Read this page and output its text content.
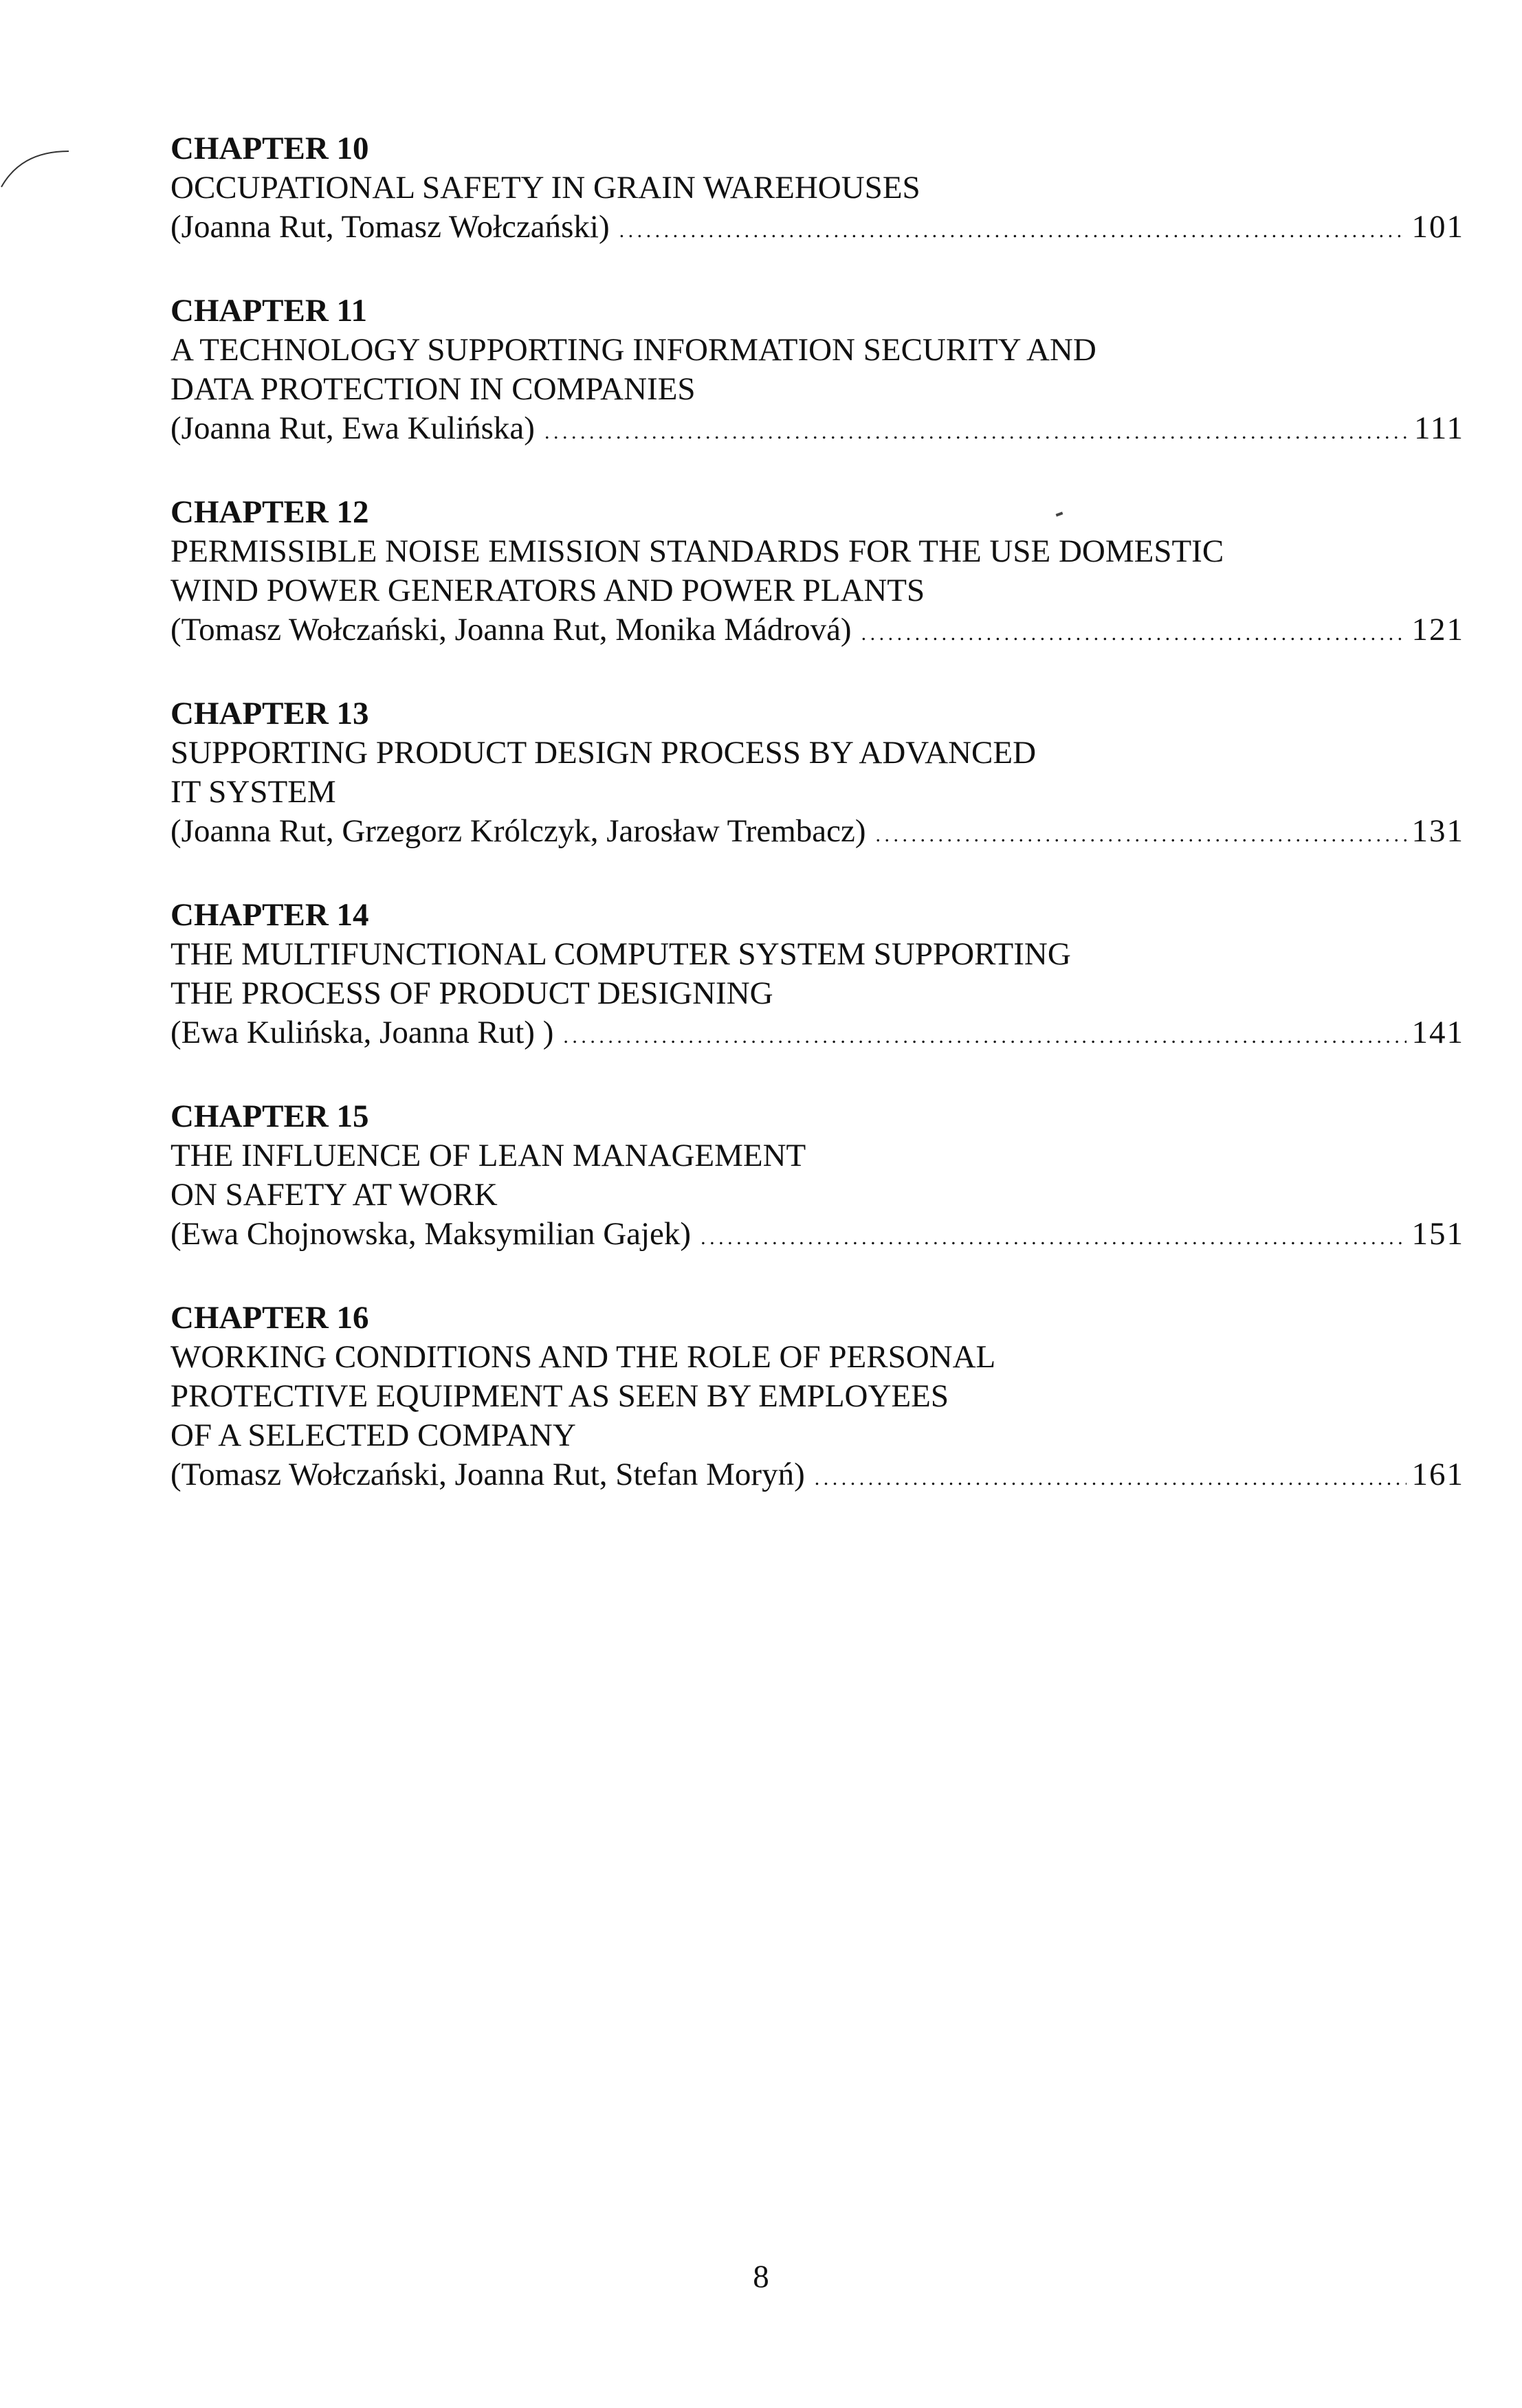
CHAPTER 10
OCCUPATIONAL SAFETY IN GRAIN WAREHOUSES
(Joanna Rut, Tomasz Wołczański) . . .	101
CHAPTER 11
A TECHNOLOGY SUPPORTING INFORMATION SECURITY AND
DATA PROTECTION IN COMPANIES
(Joanna Rut, Ewa Kulińska) . . .	111
CHAPTER 12
PERMISSIBLE NOISE EMISSION STANDARDS FOR THE USE DOMESTIC
WIND POWER GENERATORS AND POWER PLANTS
(Tomasz Wołczański, Joanna Rut, Monika Mádrová) . . .	121
CHAPTER 13
SUPPORTING PRODUCT DESIGN PROCESS BY ADVANCED
IT SYSTEM
(Joanna Rut, Grzegorz Królczyk, Jarosław Trembacz) . . .	131
CHAPTER 14
THE MULTIFUNCTIONAL COMPUTER SYSTEM SUPPORTING
THE PROCESS OF PRODUCT DESIGNING
(Ewa Kulińska, Joanna Rut) ) . . .	141
CHAPTER 15
THE INFLUENCE OF LEAN MANAGEMENT
ON SAFETY AT WORK
(Ewa Chojnowska, Maksymilian Gajek) . . .	151
CHAPTER 16
WORKING CONDITIONS AND THE ROLE OF PERSONAL
PROTECTIVE EQUIPMENT AS SEEN BY EMPLOYEES
OF A SELECTED COMPANY
(Tomasz Wołczański, Joanna Rut, Stefan Moryń) . . .	161
8
